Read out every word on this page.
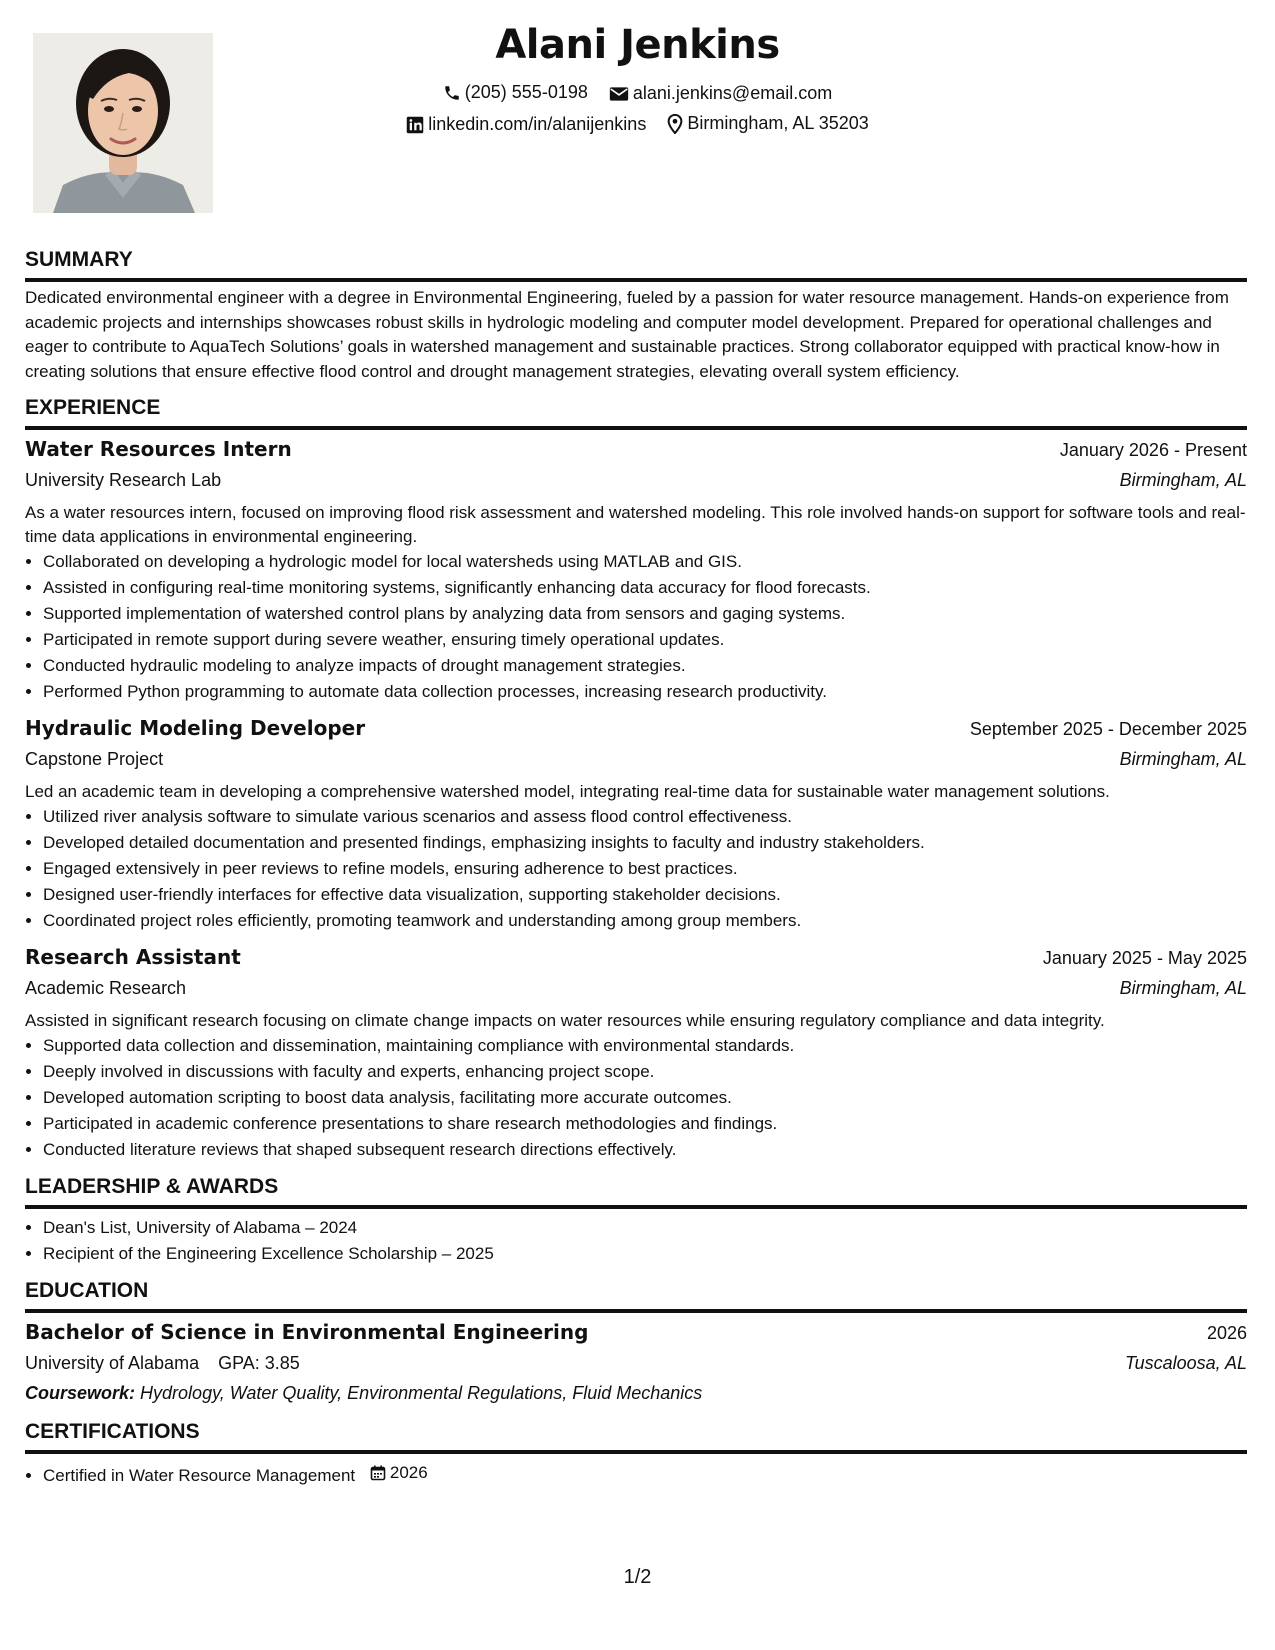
Alani Jenkins
(205) 555-0198
	alani.jenkins@email.com
linkedin.com/in/alanijenkins
Birmingham, AL 35203
SUMMARY

Dedicated environmental engineer with a degree in Environmental Engineering, fueled by a passion for water resource management. Hands-on experience from academic projects and internships showcases robust skills in hydrologic modeling and computer model development. Prepared for operational challenges and eager to contribute to AquaTech Solutions’ goals in watershed management and sustainable practices. Strong collaborator equipped with practical know-how in creating solutions that ensure effective flood control and drought management strategies, elevating overall system efficiency.

EXPERIENCE
Water Resources Intern	January 2026 - Present
University Research Lab	Birmingham, AL
As a water resources intern, focused on improving flood risk assessment and watershed modeling. This role involved hands-on support for software tools and real-time data applications in environmental engineering.
• Collaborated on developing a hydrologic model for local watersheds using MATLAB and GIS.
• Assisted in configuring real-time monitoring systems, significantly enhancing data accuracy for flood forecasts.
• Supported implementation of watershed control plans by analyzing data from sensors and gaging systems.
• Participated in remote support during severe weather, ensuring timely operational updates.
• Conducted hydraulic modeling to analyze impacts of drought management strategies.
• Performed Python programming to automate data collection processes, increasing research productivity.
Hydraulic Modeling Developer	September 2025 - December 2025
Capstone Project	Birmingham, AL
Led an academic team in developing a comprehensive watershed model, integrating real-time data for sustainable water management solutions.
• Utilized river analysis software to simulate various scenarios and assess flood control effectiveness.
• Developed detailed documentation and presented findings, emphasizing insights to faculty and industry stakeholders.
• Engaged extensively in peer reviews to refine models, ensuring adherence to best practices.
• Designed user-friendly interfaces for effective data visualization, supporting stakeholder decisions.
• Coordinated project roles efficiently, promoting teamwork and understanding among group members.
Research Assistant	January 2025 - May 2025
Academic Research	Birmingham, AL
Assisted in significant research focusing on climate change impacts on water resources while ensuring regulatory compliance and data integrity.
• Supported data collection and dissemination, maintaining compliance with environmental standards.
• Deeply involved in discussions with faculty and experts, enhancing project scope.
• Developed automation scripting to boost data analysis, facilitating more accurate outcomes.
• Participated in academic conference presentations to share research methodologies and findings.
• Conducted literature reviews that shaped subsequent research directions effectively.
LEADERSHIP & AWARDS
• Dean's List, University of Alabama – 2024
• Recipient of the Engineering Excellence Scholarship – 2025
EDUCATION
Bachelor of Science in Environmental Engineering	2026
University of Alabama GPA: 3.85	Tuscaloosa, AL
Coursework: Hydrology, Water Quality, Environmental Regulations, Fluid Mechanics
CERTIFICATIONS
• Certified in Water Resource Management 2026
1/2
